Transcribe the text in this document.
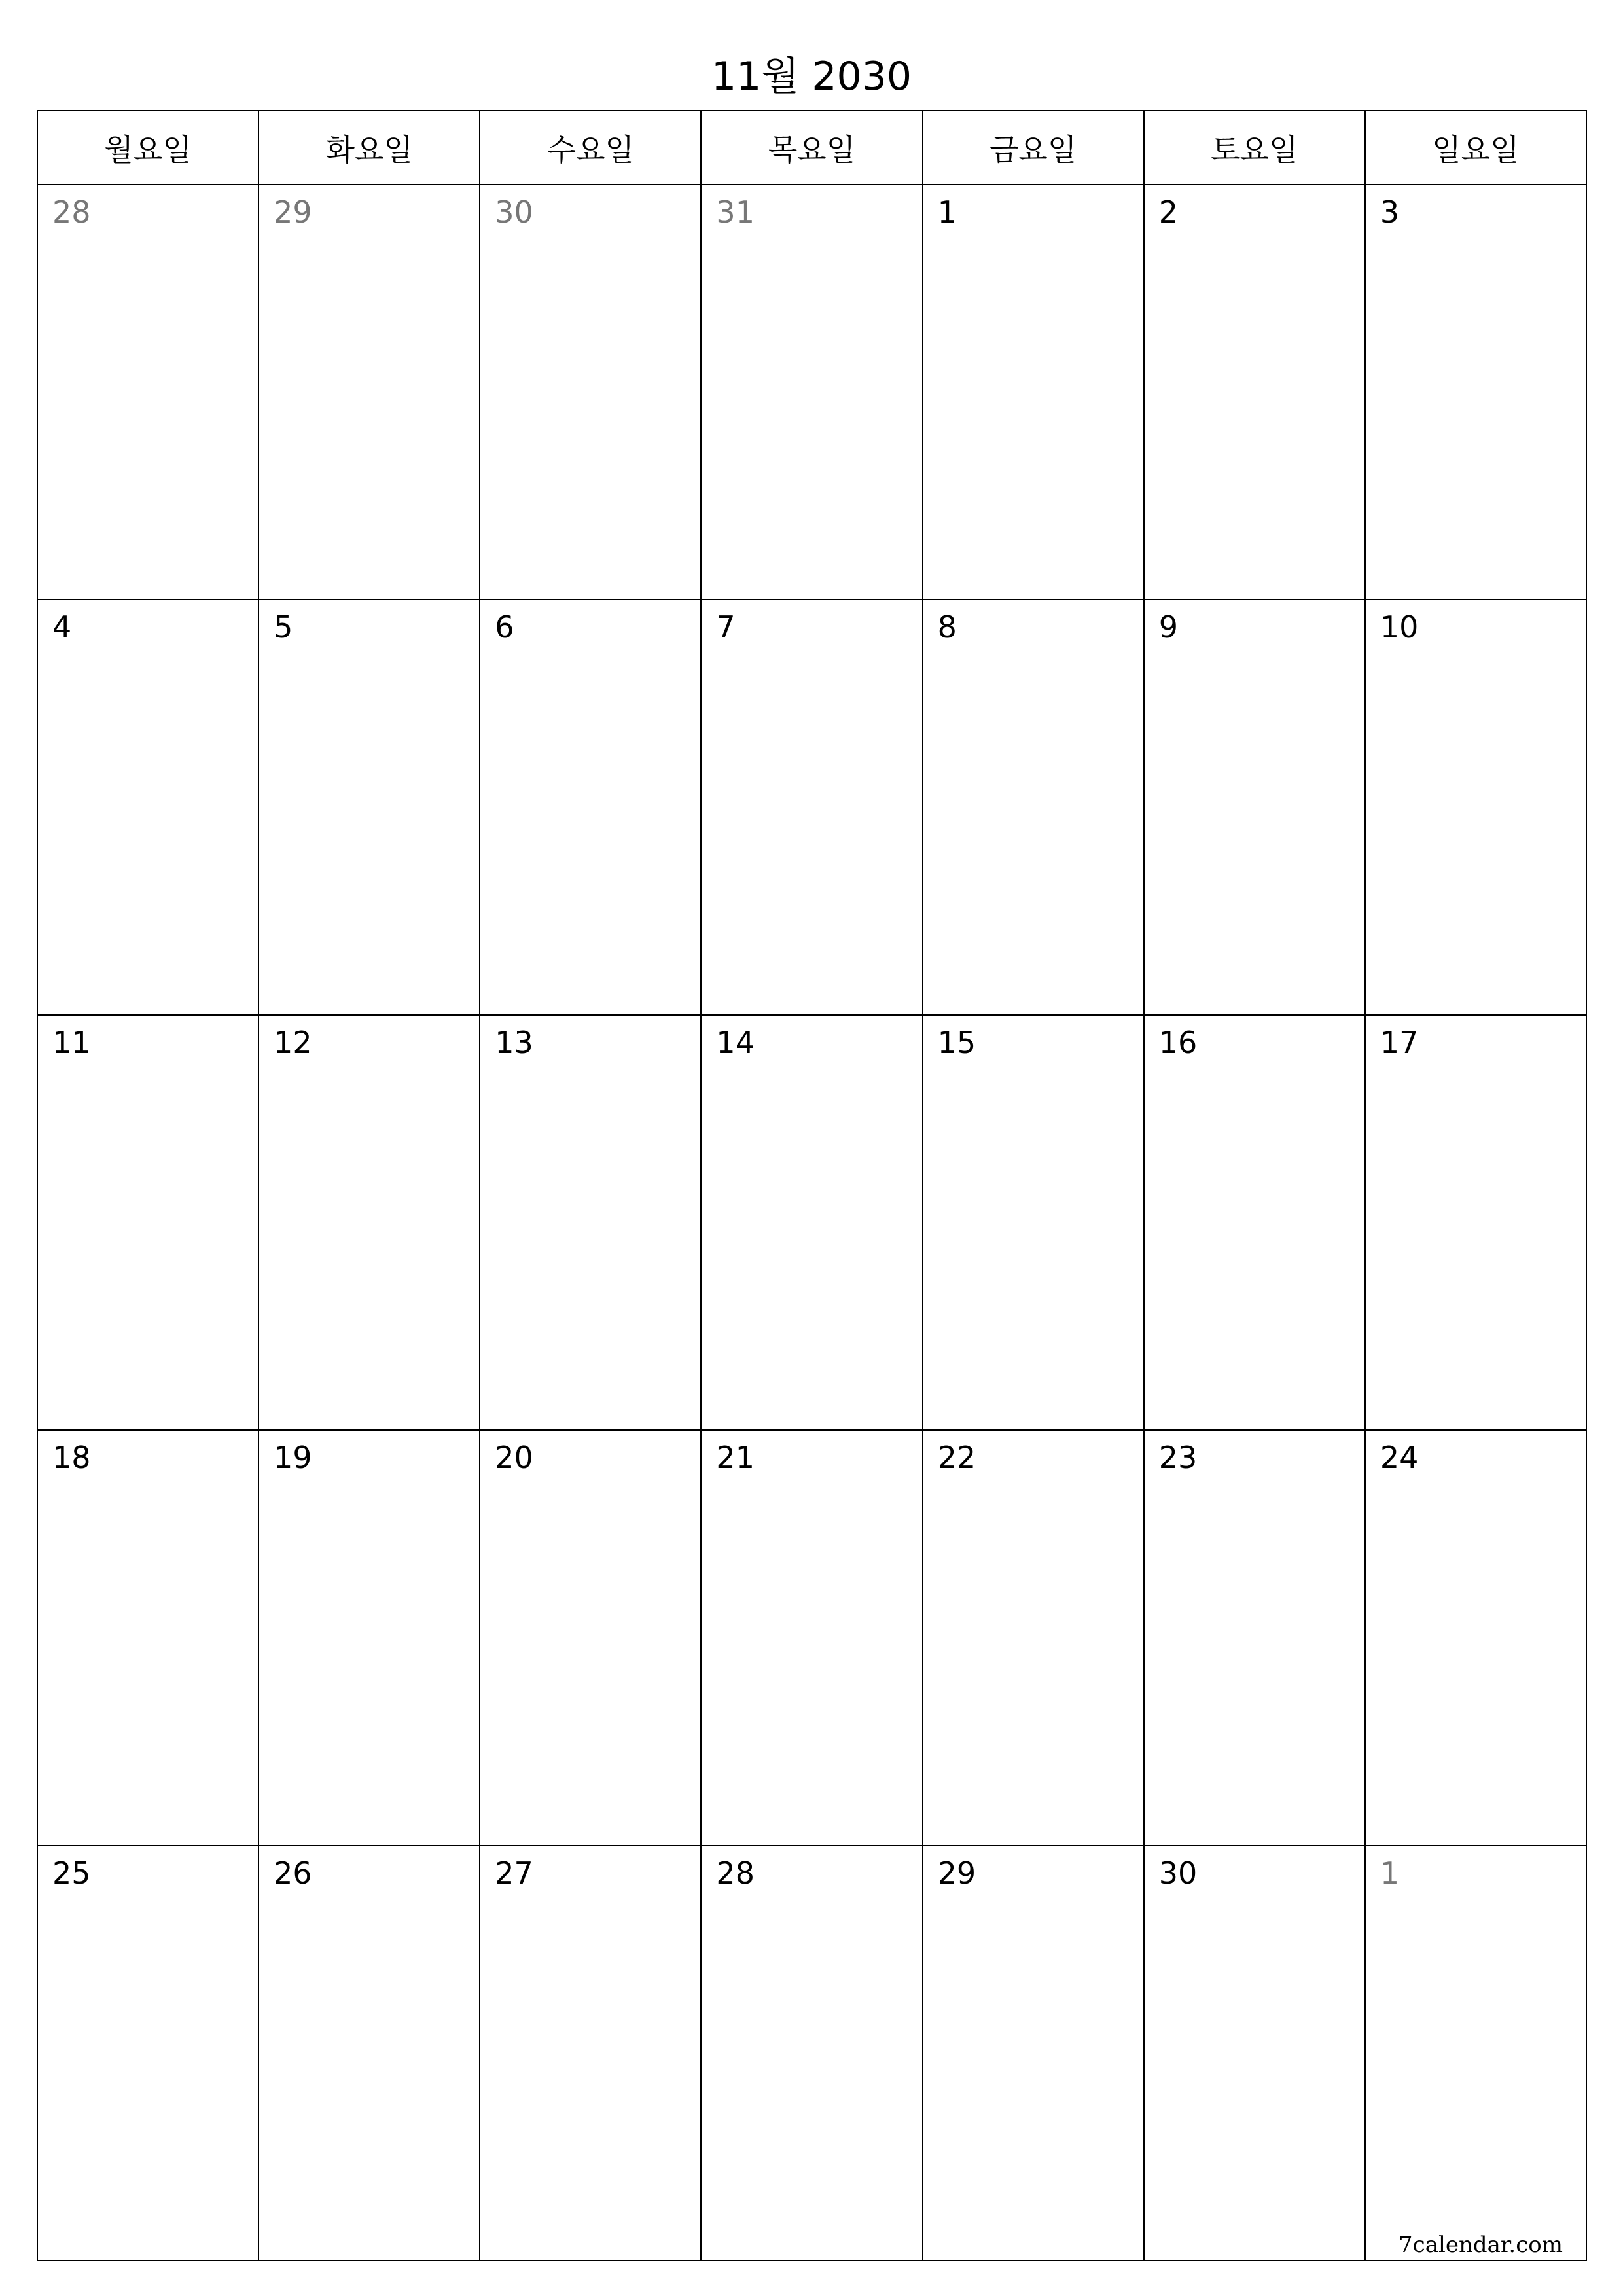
11월 2030
월요일	화요일	수요일	목요일	금요일	토요일	일요일
28	29	30	31	1	2	3
4	5	6	7	8	9	10
11	12	13	14	15	16	17
18	19	20	21	22	23	24
25	26	27	28	29	30	1
7calendar.com
